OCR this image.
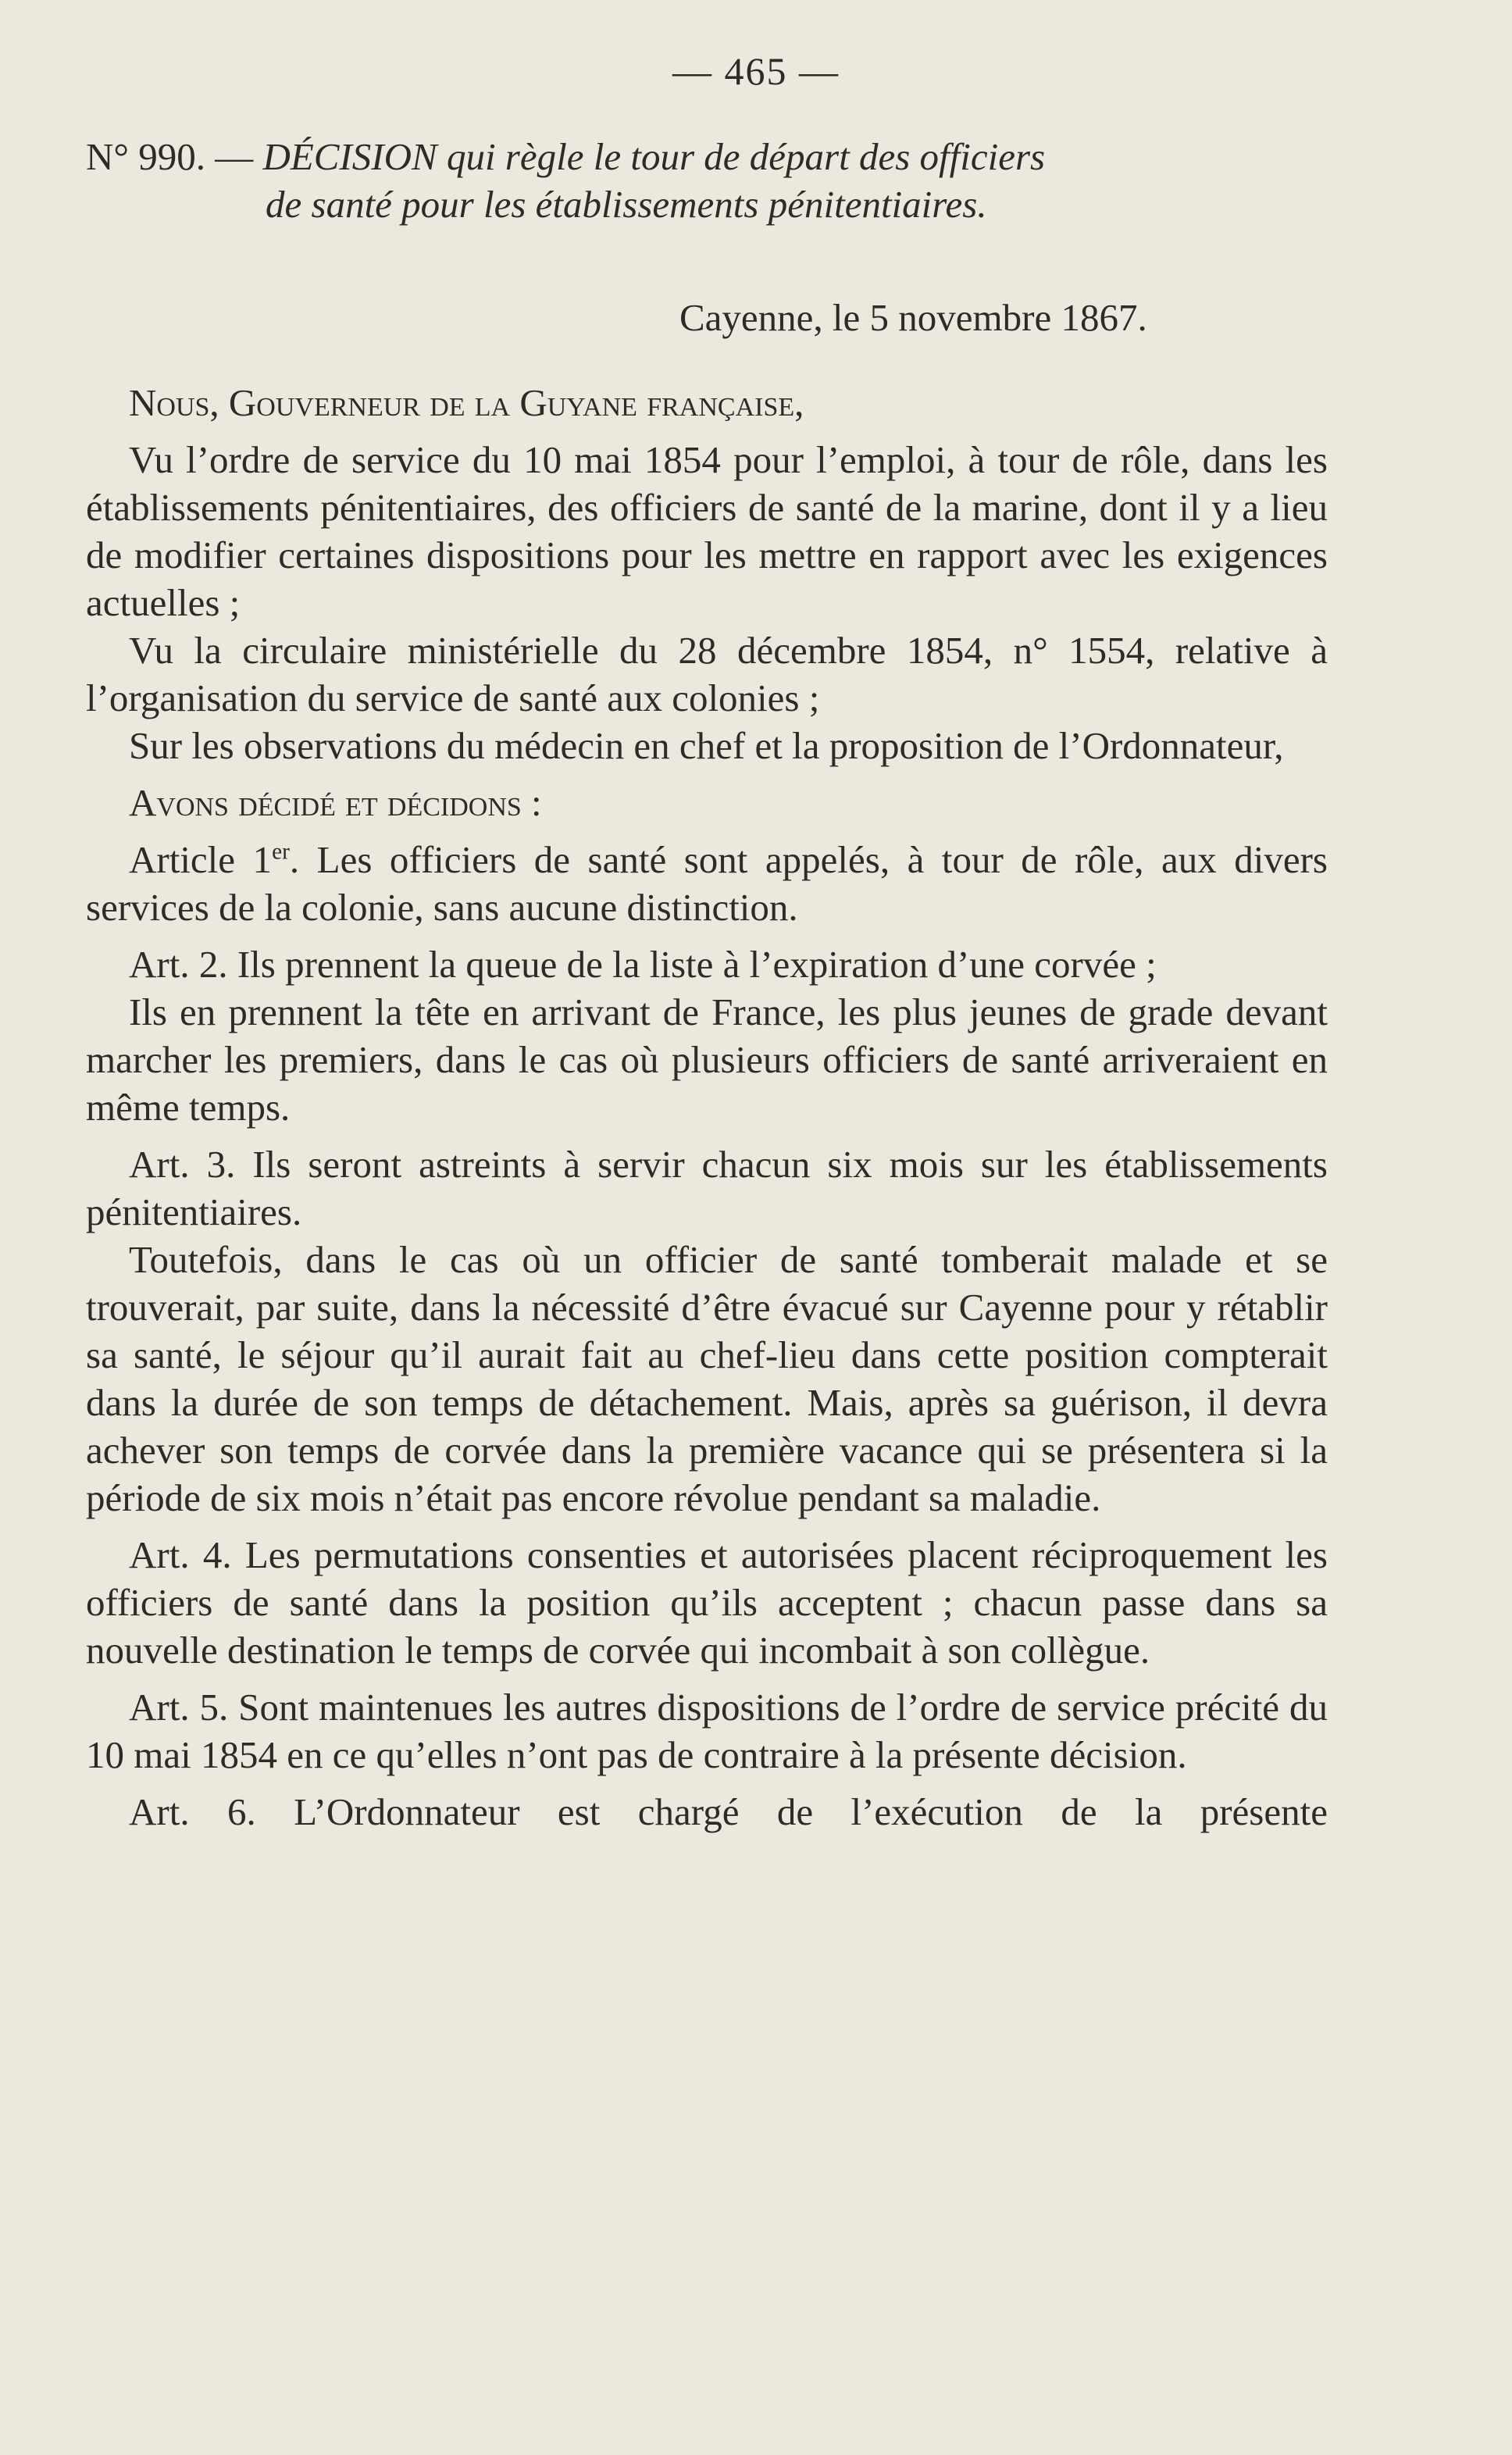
— 465 —
N° 990. — DÉCISION qui règle le tour de départ des officiers
de santé pour les établissements pénitentiaires.
Cayenne, le 5 novembre 1867.

Nous, Gouverneur de la Guyane française,

Vu l’ordre de service du 10 mai 1854 pour l’emploi, à tour de rôle, dans les établissements pénitentiaires, des officiers de santé de la marine, dont il y a lieu de modifier certaines dispositions pour les mettre en rapport avec les exigences actuelles ;

Vu la circulaire ministérielle du 28 décembre 1854, n° 1554, relative à l’organisation du service de santé aux colonies ;

Sur les observations du médecin en chef et la proposition de l’Ordonnateur,

Avons décidé et décidons :

Article 1er. Les officiers de santé sont appelés, à tour de rôle, aux divers services de la colonie, sans aucune distinction.

Art. 2. Ils prennent la queue de la liste à l’expiration d’une corvée ;

Ils en prennent la tête en arrivant de France, les plus jeunes de grade devant marcher les premiers, dans le cas où plusieurs officiers de santé arriveraient en même temps.

Art. 3. Ils seront astreints à servir chacun six mois sur les établissements pénitentiaires.

Toutefois, dans le cas où un officier de santé tomberait malade et se trouverait, par suite, dans la nécessité d’être évacué sur Cayenne pour y rétablir sa santé, le séjour qu’il aurait fait au chef-lieu dans cette position compterait dans la durée de son temps de détachement. Mais, après sa guérison, il devra achever son temps de corvée dans la première vacance qui se présentera si la période de six mois n’était pas encore révolue pendant sa maladie.

Art. 4. Les permutations consenties et autorisées placent réciproquement les officiers de santé dans la position qu’ils acceptent ; chacun passe dans sa nouvelle destination le temps de corvée qui incombait à son collègue.

Art. 5. Sont maintenues les autres dispositions de l’ordre de service précité du 10 mai 1854 en ce qu’elles n’ont pas de contraire à la présente décision.

Art. 6. L’Ordonnateur est chargé de l’exécution de la présente
